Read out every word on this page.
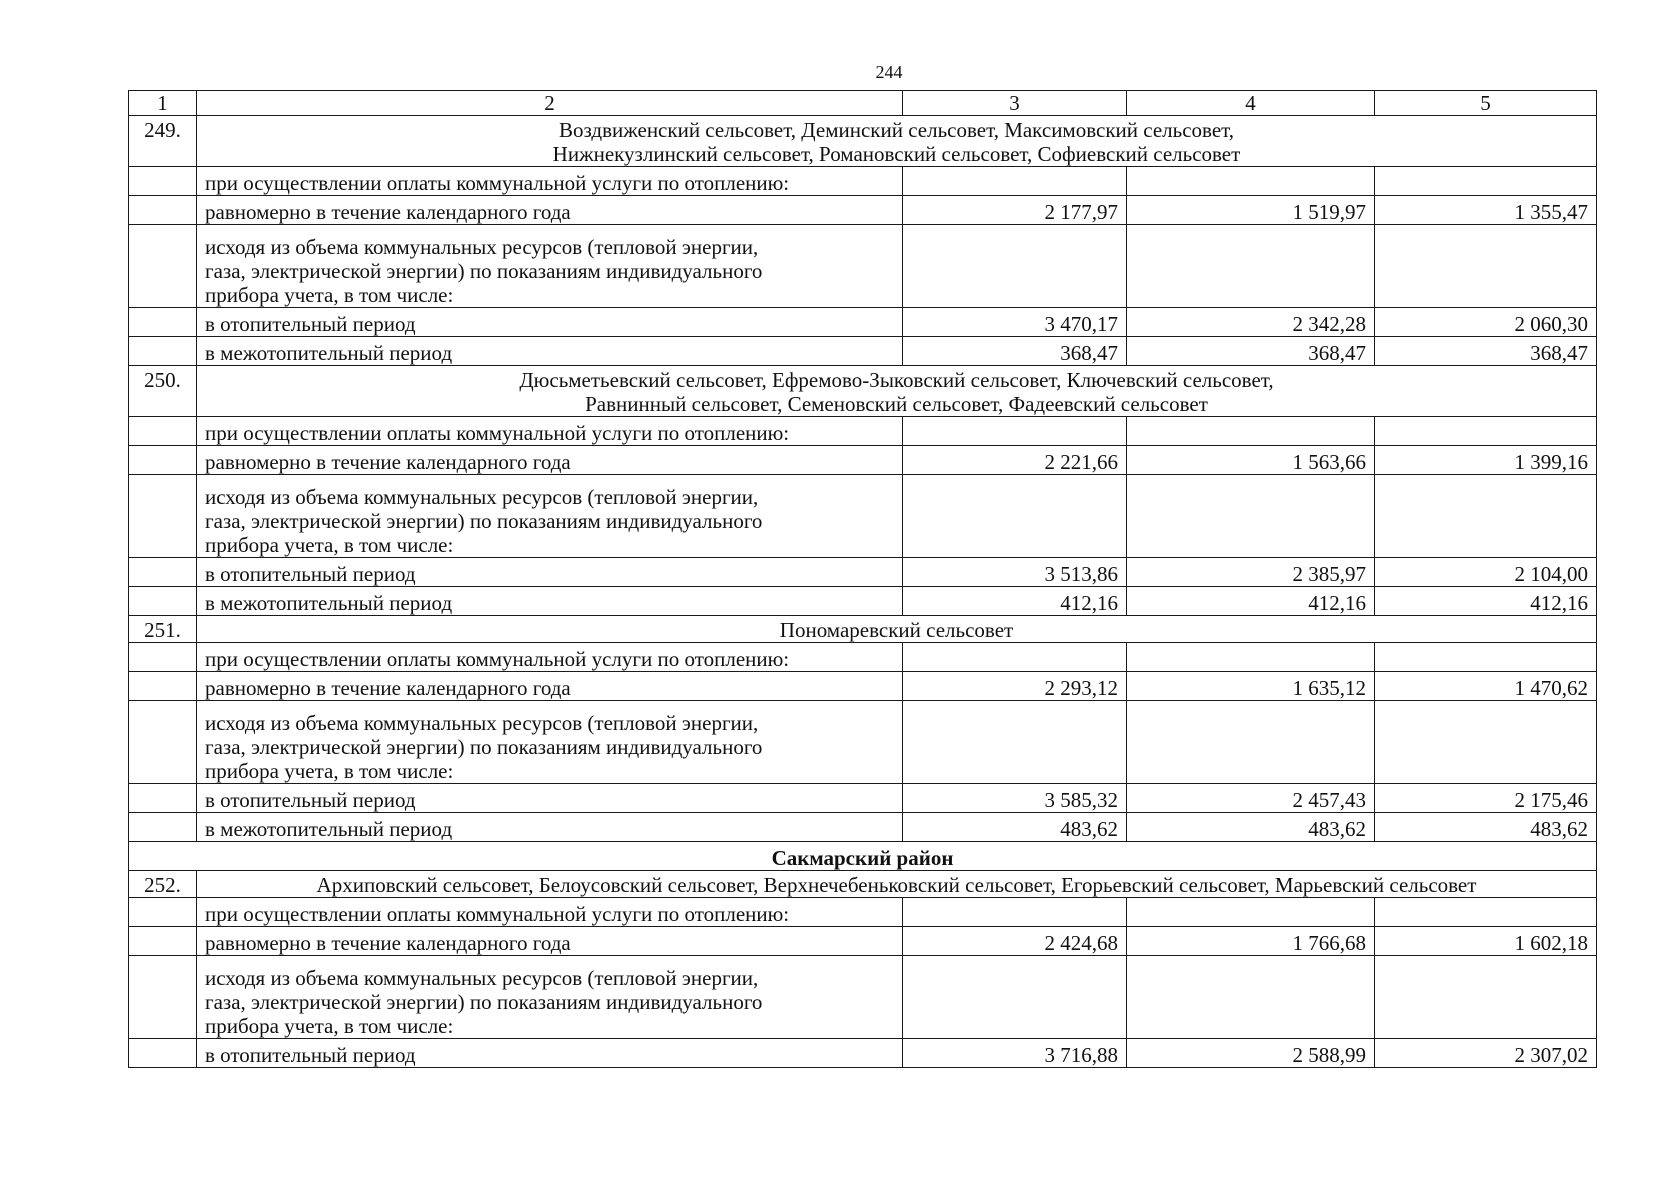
244
1	2	3	4	5
249.	Воздвиженский сельсовет, Деминский сельсовет, Максимовский сельсовет,
Нижнекузлинский сельсовет, Романовский сельсовет, Софиевский сельсовет			

	при осуществлении оплаты коммунальной услуги по отоплению:			
	равномерно в течение календарного года	2 177,97	1 519,97	1 355,47

	исходя из объема коммунальных ресурсов (тепловой энергии,
газа, электрической энергии) по показаниям индивидуального
прибора учета, в том числе:			

	в отопительный период	3 470,17	2 342,28	2 060,30
	в межотопительный период	368,47	368,47	368,47
250.	Дюсьметьевский сельсовет, Ефремово-Зыковский сельсовет, Ключевский сельсовет,
Равнинный сельсовет, Семеновский сельсовет, Фадеевский сельсовет			

	при осуществлении оплаты коммунальной услуги по отоплению:			
	равномерно в течение календарного года	2 221,66	1 563,66	1 399,16

	исходя из объема коммунальных ресурсов (тепловой энергии,
газа, электрической энергии) по показаниям индивидуального
прибора учета, в том числе:			

	в отопительный период	3 513,86	2 385,97	2 104,00
	в межотопительный период	412,16	412,16	412,16
251.	Пономаревский сельсовет			

	при осуществлении оплаты коммунальной услуги по отоплению:			
	равномерно в течение календарного года	2 293,12	1 635,12	1 470,62

	исходя из объема коммунальных ресурсов (тепловой энергии,
газа, электрической энергии) по показаниям индивидуального
прибора учета, в том числе:			

	в отопительный период	3 585,32	2 457,43	2 175,46
	в межотопительный период	483,62	483,62	483,62
Сакмарский район				
252.	Архиповский сельсовет, Белоусовский сельсовет, Верхнечебеньковский сельсовет, Егорьевский сельсовет, Марьевский сельсовет			

	при осуществлении оплаты коммунальной услуги по отоплению:			
	равномерно в течение календарного года	2 424,68	1 766,68	1 602,18

	исходя из объема коммунальных ресурсов (тепловой энергии,
газа, электрической энергии) по показаниям индивидуального
прибора учета, в том числе:			

	в отопительный период	3 716,88	2 588,99	2 307,02
